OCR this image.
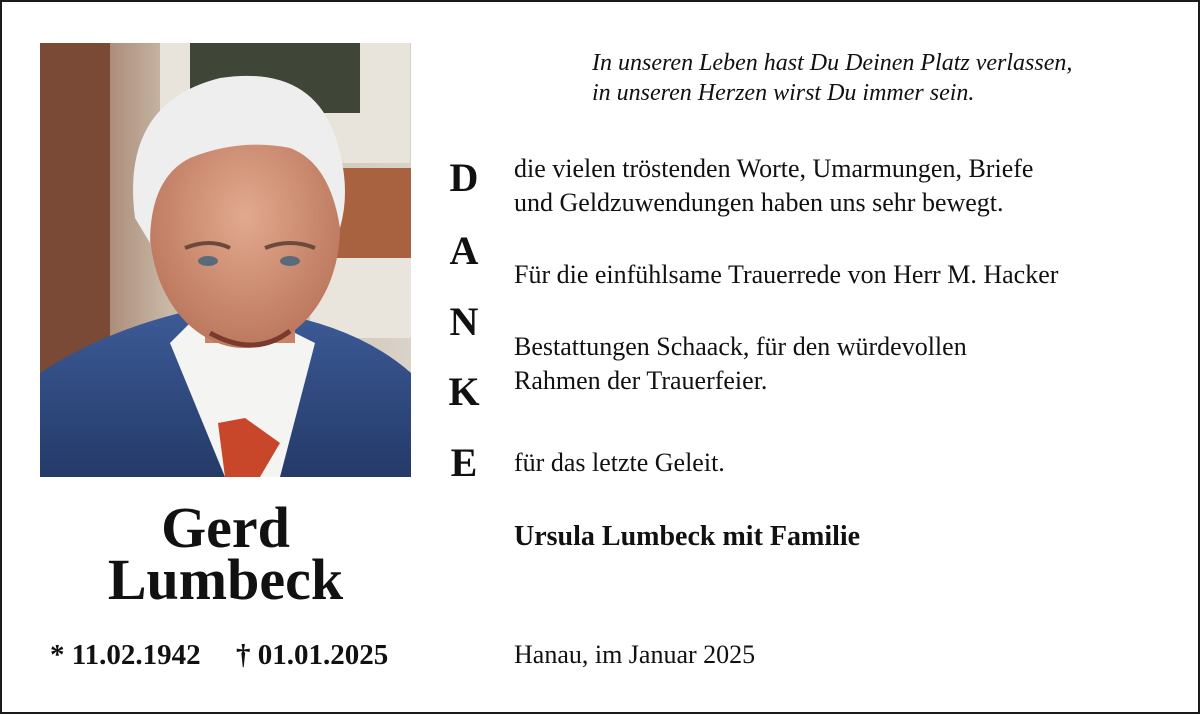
Gerd
Lumbeck
* 11.02.1942 † 01.01.2025
In unseren Leben hast Du Deinen Platz verlassen,
in unseren Herzen wirst Du immer sein.
D
A
N
K
E
die vielen tröstenden Worte, Umarmungen, Briefe
und Geldzuwendungen haben uns sehr bewegt.
Für die einfühlsame Trauerrede von Herr M. Hacker
Bestattungen Schaack, für den würdevollen
Rahmen der Trauerfeier.
für das letzte Geleit.
Ursula Lumbeck mit Familie
Hanau, im Januar 2025
